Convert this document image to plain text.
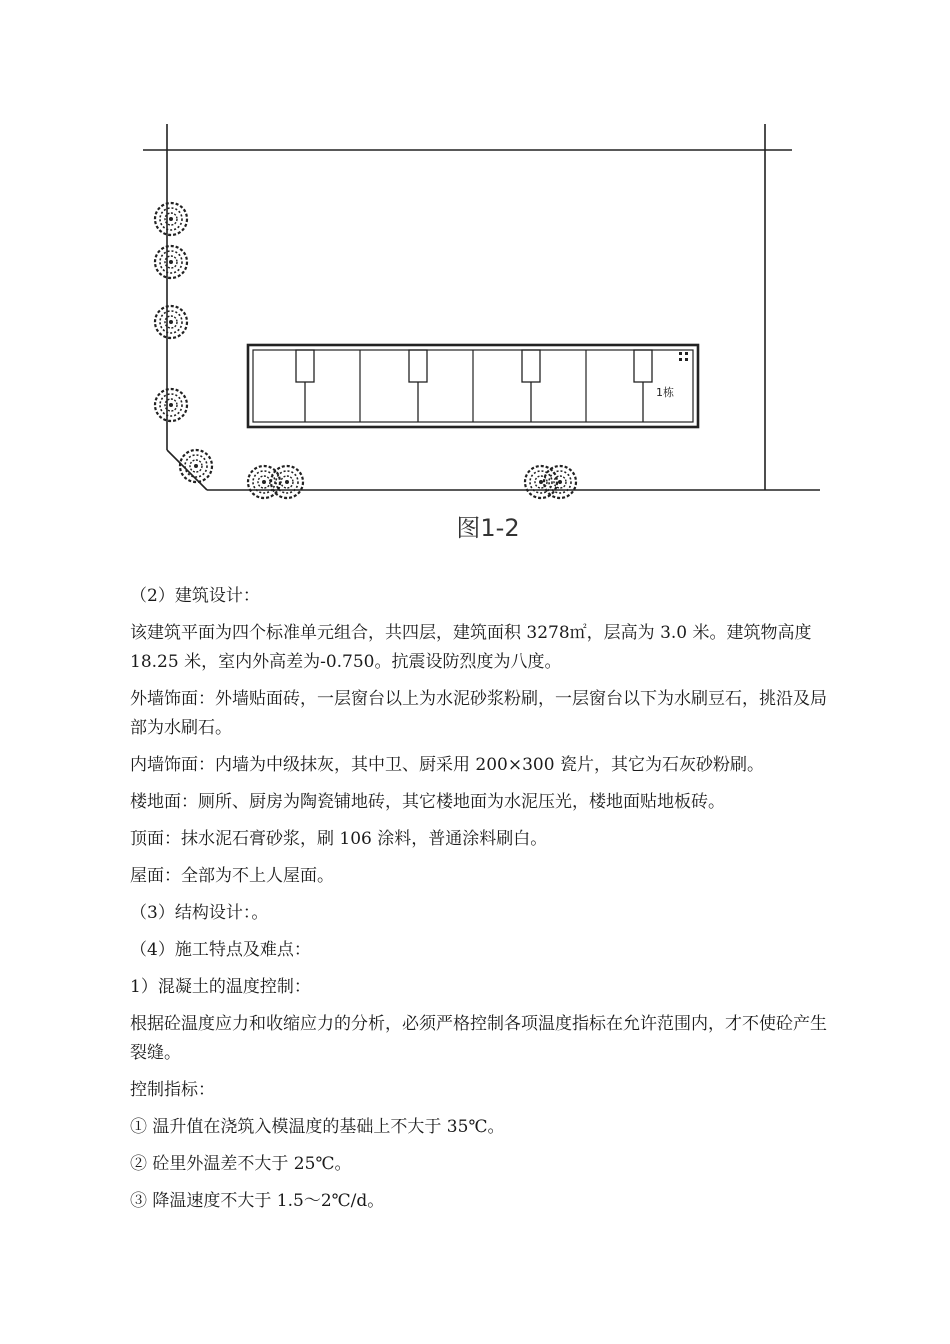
1栋
图1-2

（2）建筑设计：

该建筑平面为四个标准单元组合，共四层，建筑面积 3278㎡，层高为 3.0 米。建筑物高度 18.25 米，室内外高差为-0.750。抗震设防烈度为八度。

外墙饰面：外墙贴面砖，一层窗台以上为水泥砂浆粉刷，一层窗台以下为水刷豆石，挑沿及局部为水刷石。

内墙饰面：内墙为中级抹灰，其中卫、厨采用 200×300 瓷片，其它为石灰砂粉刷。

楼地面：厕所、厨房为陶瓷铺地砖，其它楼地面为水泥压光，楼地面贴地板砖。

顶面：抹水泥石膏砂浆，刷 106 涂料，普通涂料刷白。

屋面：全部为不上人屋面。

（3）结构设计：。

（4）施工特点及难点：

1）混凝土的温度控制：

根据砼温度应力和收缩应力的分析，必须严格控制各项温度指标在允许范围内，才不使砼产生裂缝。

控制指标：

① 温升值在浇筑入模温度的基础上不大于 35℃。

② 砼里外温差不大于 25℃。

③ 降温速度不大于 1.5～2℃/d。
